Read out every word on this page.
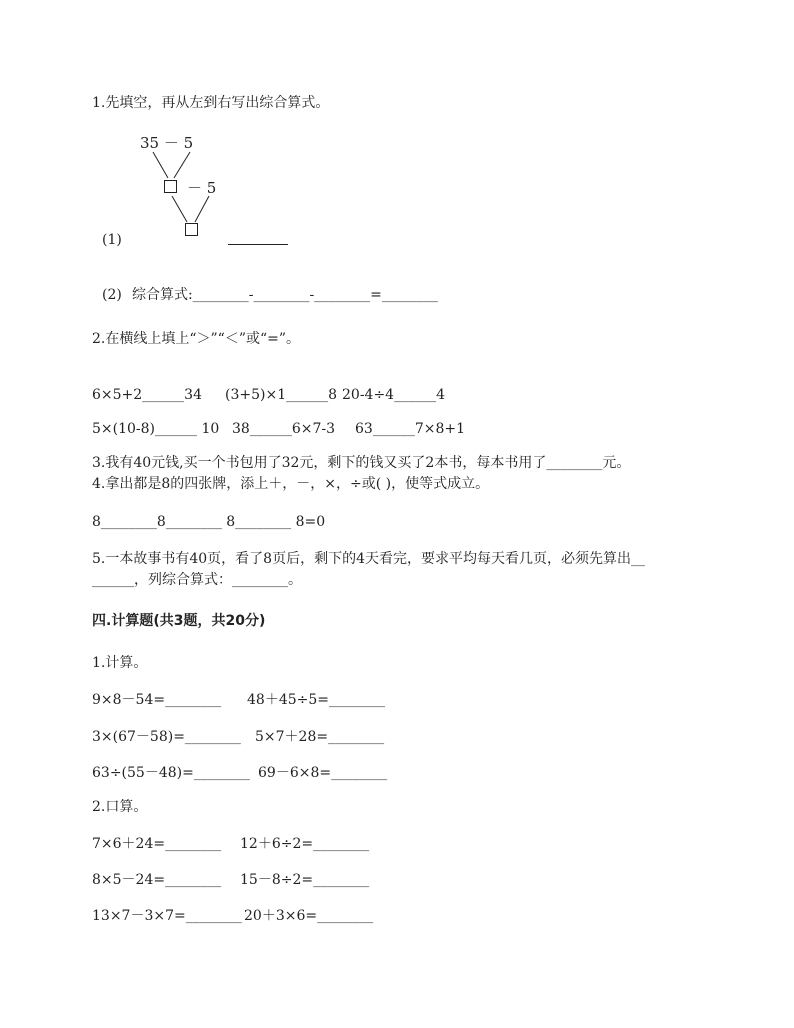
1.先填空，再从左到右写出综合算式。
35 － 5
－ 5
(1)
(2) 综合算式:________-________-________=________
2.在横线上填上“＞”“＜”或“=”。
6×5+2______34 (3+5)×1______8 20-4÷4______4
5×(10-8)______ 10 38______6×7-3 63______7×8+1
3.我有40元钱,买一个书包用了32元，剩下的钱又买了2本书，每本书用了________元。
4.拿出都是8的四张牌，添上＋，－，×，÷或( )，使等式成立。
8________8________ 8________ 8=0
5.一本故事书有40页，看了8页后，剩下的4天看完，要求平均每天看几页，必须先算出__
______，列综合算式：________。
四.计算题(共3题，共20分)
1.计算。
9×8－54=________ 48＋45÷5=________
3×(67－58)=________ 5×7＋28=________
63÷(55－48)=________ 69－6×8=________
2.口算。
7×6＋24=________ 12＋6÷2=________
8×5－24=________ 15－8÷2=________
13×7－3×7=________ 20＋3×6=________
